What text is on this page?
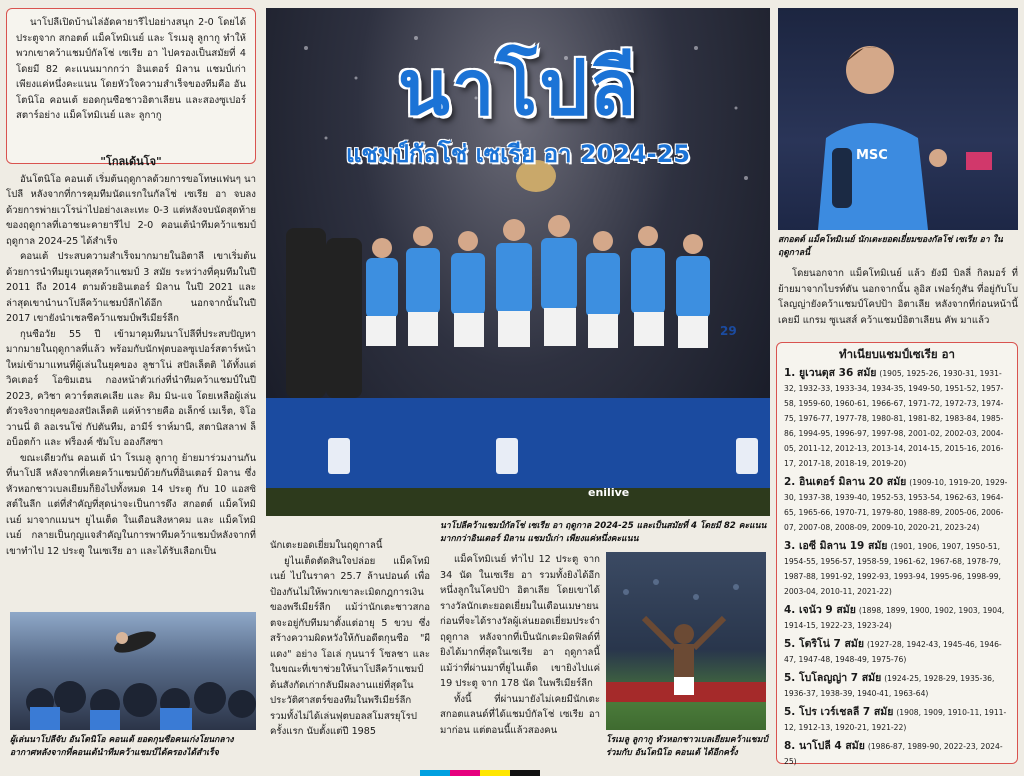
นาโปลีเปิดบ้านไล่อัดคายารีไปอย่างสนุก 2-0 โดยได้ประตูจาก สกอตต์ แม็คโทมิเนย์ และ โรเมลู ลูกากู ทำให้พวกเขาคว้าแชมป์กัลโช่ เซเรีย อา ไปครองเป็นสมัยที่ 4 โดยมี 82 คะแนนมากกว่า อินเตอร์ มิลาน แชมป์เก่า เพียงแค่หนึ่งคะแนน โดยหัวใจความสำเร็จของทีมคือ อันโตนิโอ คอนเต้ ยอดกุนซือชาวอิตาเลียน และสองซูเปอร์สตาร์อย่าง แม็คโทมิเนย์ และ ลูกากู
"โกลเด้นโจ"

อันโตนิโอ คอนเต้ เริ่มต้นฤดูกาลด้วยการขอโทษแฟนๆ นาโปลี หลังจากที่การคุมทีมนัดแรกในกัลโช่ เซเรีย อา จบลงด้วยการพ่ายเวโรน่าไปอย่างเละเทะ 0-3 แต่หลังจบนัดสุดท้ายของฤดูกาลที่เอาชนะคายารีไป 2-0 คอนเต้นำทีมคว้าแชมป์ฤดูกาล 2024-25 ได้สำเร็จ

คอนเต้ ประสบความสำเร็จมากมายในอิตาลี เขาเริ่มต้นด้วยการนำทีมยูเวนตุสคว้าแชมป์ 3 สมัย ระหว่างที่คุมทีมในปี 2011 ถึง 2014 ตามด้วยอินเตอร์ มิลาน ในปี 2021 และล่าสุดเขานำนาโปลีคว้าแชมป์ลีกได้อีก นอกจากนั้นในปี 2017 เขายังนำเชลซีคว้าแชมป์พรีเมียร์ลีก

กุนซือวัย 55 ปี เข้ามาคุมทีมนาโปลีที่ประสบปัญหามากมายในฤดูกาลที่แล้ว พร้อมกับนักฟุตบอลซูเปอร์สตาร์หน้าใหม่เข้ามาแทนที่ผู้เล่นในยุคของ ลูชาโน่ สปัลเล็ตติ ได้ทั้งแต่ วิคเตอร์ โอซิมเฮน กองหน้าตัวเก่งที่นำทีมคว้าแชมป์ในปี 2023, ควิชา ควาร์ตสเคเลีย และ คิม มิน-แจ โดยเหลือผู้เล่นตัวจริงจากยุคของสปัลเล็ตติ แค่ห้ารายคือ อเล็กซ์ เมเร็ต, จิโอวานนี่ ดิ ลอเรนโซ่ กัปตันทีม, อามีร์ ราห์มานี, สตานิสลาฟ ล็อบ็อตก้า และ ฟร็องค์ ซัมโบ อองกีสซา

ขณะเดียวกัน คอนเต้ นำ โรเมลู ลูกากู ย้ายมาร่วมงานกันที่นาโปลี หลังจากที่เคยคว้าแชมป์ด้วยกันที่อินเตอร์ มิลาน ซึ่งหัวหอกชาวเบลเยียมก็ยิงไปทั้งหมด 14 ประตู กับ 10 แอสซิสต์ในลีก แต่ที่สำคัญที่สุดน่าจะเป็นการดึง สกอตต์ แม็คโทมิเนย์ มาจากแมนฯ ยูไนเต็ด ในเดือนสิงหาคม และ แม็คโทมิเนย์ กลายเป็นกุญแจสำคัญในการพาทีมคว้าแชมป์หลังจากที่เขาทำไป 12 ประตู ในเซเรีย อา และได้รับเลือกเป็น

ผู้เล่นนาโปลีจับ อันโตนิโอ คอนเต้ ยอดกุนซือคนเก่งโยนกลางอากาศหลังจากที่คอนเต้นำทีมคว้าแชมป์ได้ครองได้สำเร็จ
นาโปลี
แชมป์กัลโช่ เซเรีย อา 2024-25
enilive
29
นาโปลีคว้าแชมป์กัลโช่ เซเรีย อา ฤดูกาล 2024-25 และเป็นสมัยที่ 4 โดยมี 82 คะแนน มากกว่าอินเตอร์ มิลาน แชมป์เก่า เพียงแค่หนึ่งคะแนน

นักเตะยอดเยี่ยมในฤดูกาลนี้

ยูไนเต็ดตัดสินใจปล่อย แม็คโทมิเนย์ ไปในราคา 25.7 ล้านปอนด์ เพื่อป้องกันไม่ให้พวกเขาละเมิดกฎการเงินของพรีเมียร์ลีก แม้ว่านักเตะชาวสกอตจะอยู่กับทีมมาตั้งแต่อายุ 5 ขวบ ซึ่งสร้างความผิดหวังให้กับอดีตกุนซือ "ผีแดง" อย่าง โอเล่ กุนนาร์ โซลชา และในขณะที่เขาช่วยให้นาโปลีคว้าแชมป์ ต้นสังกัดเก่ากลับมีผลงานแย่ที่สุดในประวัติศาสตร์ของทีมในพรีเมียร์ลีก รวมทั้งไม่ได้เล่นฟุตบอลสโมสรยุโรปครั้งแรก นับตั้งแต่ปี 1985

แม็คโทมิเนย์ ทำไป 12 ประตู จาก 34 นัด ในเซเรีย อา รวมทั้งยิงได้อีกหนึ่งลูกในโคปป้า อิตาเลีย โดยเขาได้รางวัลนักเตะยอดเยี่ยมในเดือนเมษายน ก่อนที่จะได้รางวัลผู้เล่นยอดเยี่ยมประจำฤดูกาล หลังจากที่เป็นนักเตะมิดฟิลด์ที่ยิงได้มากที่สุดในเซเรีย อา ฤดูกาลนี้ แม้ว่าที่ผ่านมาที่ยูไนเต็ด เขายิงไปแค่ 19 ประตู จาก 178 นัด ในพรีเมียร์ลีก

ทั้งนี้ ที่ผ่านมายังไม่เคยมีนักเตะสกอตแลนด์ที่ได้แชมป์กัลโช่ เซเรีย อา มาก่อน แต่ตอนนี้แล้วสองคน

โรเมลู ลูกากู หัวหอกชาวเบลเยียมคว้าแชมป์ร่วมกับ อันโตนิโอ คอนเต้ ได้อีกครั้ง
MSC
สกอตต์ แม็คโทมิเนย์ นักเตะยอดเยี่ยมของกัลโช่ เซเรีย อา ในฤดูกาลนี้

โดยนอกจาก แม็คโทมิเนย์ แล้ว ยังมี บิลลี่ กิลมอร์ ที่ย้ายมาจากไบรท์ตัน นอกจากนั้น ลูอิส เฟอร์กูสัน ที่อยู่กับโบโลญญ่ายังคว้าแชมป์โคปป้า อิตาเลีย หลังจากที่ก่อนหน้านี้เคยมี แกรม ซูเนสส์ คว้าแชมป์อิตาเลียน คัพ มาแล้ว

ทำเนียบแชมป์เซเรีย อา
1. ยูเวนตุส 36 สมัย (1905, 1925-26, 1930-31, 1931-32, 1932-33, 1933-34, 1934-35, 1949-50, 1951-52, 1957-58, 1959-60, 1960-61, 1966-67, 1971-72, 1972-73, 1974-75, 1976-77, 1977-78, 1980-81, 1981-82, 1983-84, 1985-86, 1994-95, 1996-97, 1997-98, 2001-02, 2002-03, 2004-05, 2011-12, 2012-13, 2013-14, 2014-15, 2015-16, 2016-17, 2017-18, 2018-19, 2019-20)
2. อินเตอร์ มิลาน 20 สมัย (1909-10, 1919-20, 1929-30, 1937-38, 1939-40, 1952-53, 1953-54, 1962-63, 1964-65, 1965-66, 1970-71, 1979-80, 1988-89, 2005-06, 2006-07, 2007-08, 2008-09, 2009-10, 2020-21, 2023-24)
3. เอซี มิลาน 19 สมัย (1901, 1906, 1907, 1950-51, 1954-55, 1956-57, 1958-59, 1961-62, 1967-68, 1978-79, 1987-88, 1991-92, 1992-93, 1993-94, 1995-96, 1998-99, 2003-04, 2010-11, 2021-22)
4. เจนัว 9 สมัย (1898, 1899, 1900, 1902, 1903, 1904, 1914-15, 1922-23, 1923-24)
5. โตริโน่ 7 สมัย (1927-28, 1942-43, 1945-46, 1946-47, 1947-48, 1948-49, 1975-76)
5. โบโลญญ่า 7 สมัย (1924-25, 1928-29, 1935-36, 1936-37, 1938-39, 1940-41, 1963-64)
5. โปร เวร์เชลลี 7 สมัย (1908, 1909, 1910-11, 1911-12, 1912-13, 1920-21, 1921-22)
8. นาโปลี 4 สมัย (1986-87, 1989-90, 2022-23, 2024-25)
